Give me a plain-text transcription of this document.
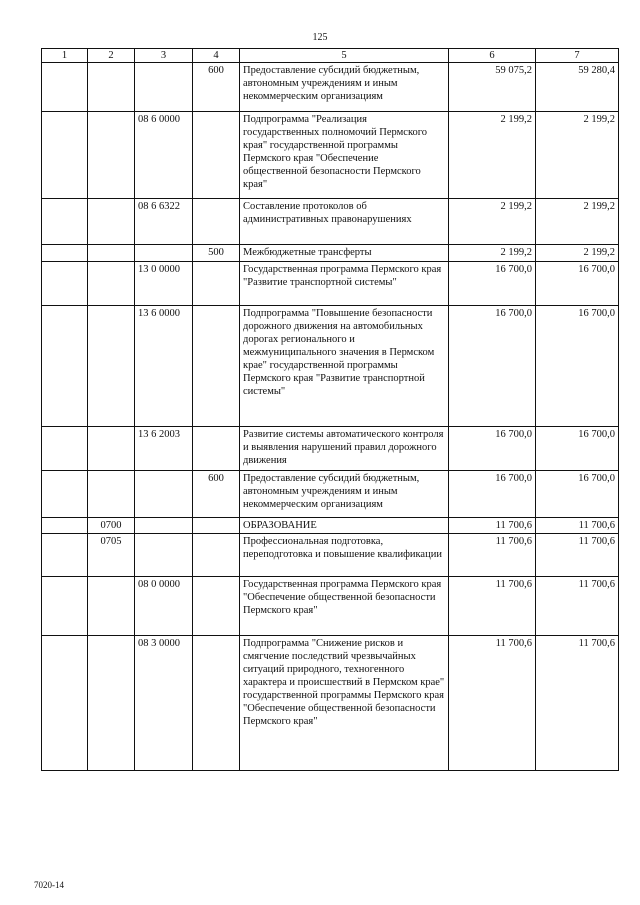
125
1	2	3	4	5	6	7
			600	Предоставление субсидий бюджетным, автономным учреждениям и иным некоммерческим организациям	59 075,2	59 280,4
		08 6 0000		Подпрограмма "Реализация государственных полномочий Пермского края" государственной программы Пермского края "Обеспечение общественной безопасности Пермского края"	2 199,2	2 199,2
		08 6 6322		Составление протоколов об административных правонарушениях	2 199,2	2 199,2
			500	Межбюджетные трансферты	2 199,2	2 199,2
		13 0 0000		Государственная программа Пермского края "Развитие транспортной системы"	16 700,0	16 700,0
		13 6 0000		Подпрограмма "Повышение безопасности дорожного движения на автомобильных дорогах регионального и межмуниципального значения в Пермском крае" государственной программы Пермского края "Развитие транспортной системы"	16 700,0	16 700,0
		13 6 2003		Развитие системы автоматического контроля и выявления нарушений правил дорожного движения	16 700,0	16 700,0
			600	Предоставление субсидий бюджетным, автономным учреждениям и иным некоммерческим организациям	16 700,0	16 700,0
	0700			ОБРАЗОВАНИЕ	11 700,6	11 700,6
	0705			Профессиональная подготовка, переподготовка и повышение квалификации	11 700,6	11 700,6
		08 0 0000		Государственная программа Пермского края "Обеспечение общественной безопасности Пермского края"	11 700,6	11 700,6
		08 3 0000		Подпрограмма "Снижение рисков и смягчение последствий чрезвычайных ситуаций природного, техногенного характера и происшествий в Пермском крае" государственной программы Пермского края "Обеспечение общественной безопасности Пермского края"	11 700,6	11 700,6
7020-14
